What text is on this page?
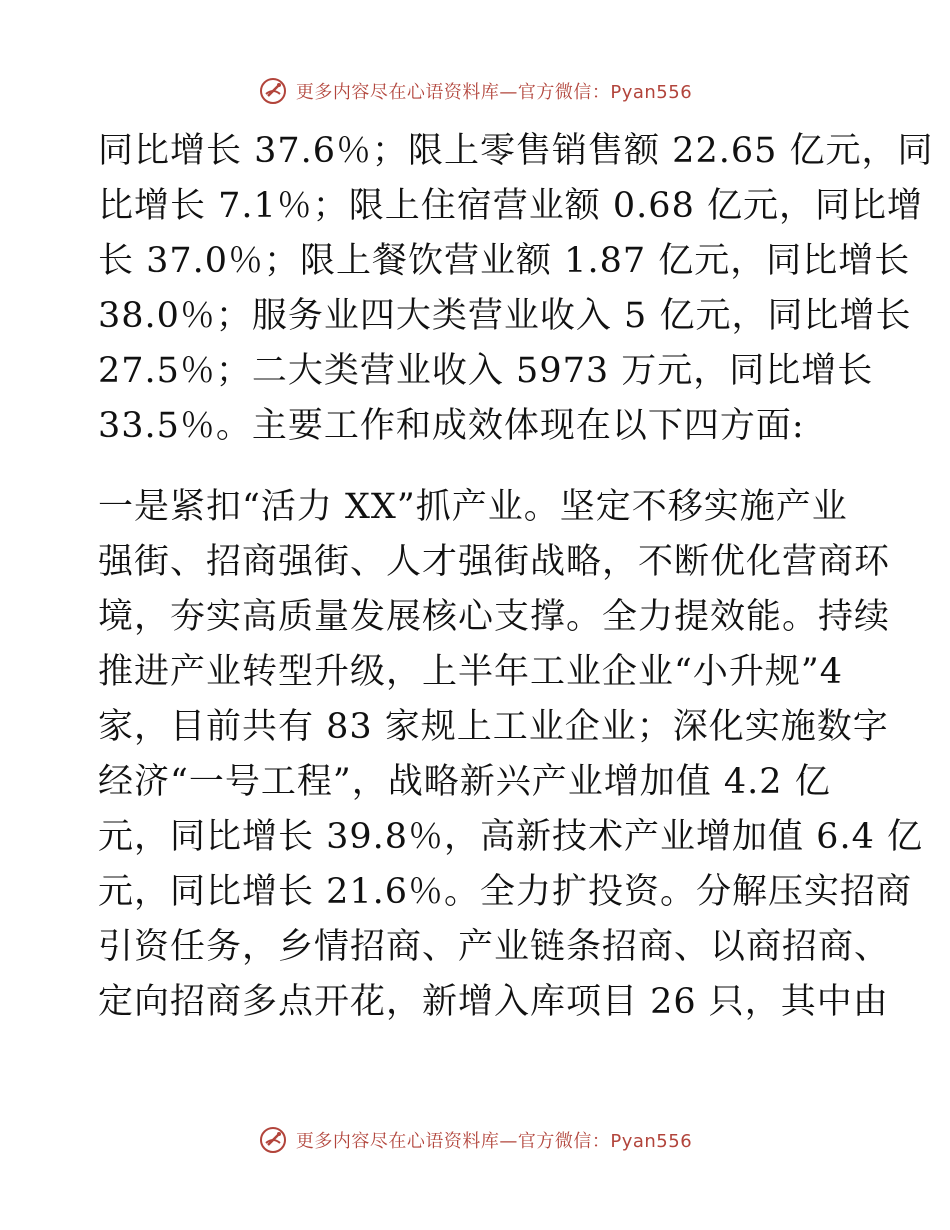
更多内容尽在心语资料库—官方微信：Pyan556
同比增长 37.6％；限上零售销售额 22.65 亿元，同
比增长 7.1％；限上住宿营业额 0.68 亿元，同比增
长 37.0％；限上餐饮营业额 1.87 亿元，同比增长
38.0％；服务业四大类营业收入 5 亿元，同比增长
27.5％；二大类营业收入 5973 万元，同比增长
33.5％。主要工作和成效体现在以下四方面:
一是紧扣“活力 XX”抓产业。坚定不移实施产业
强街、招商强街、人才强街战略，不断优化营商环
境，夯实高质量发展核心支撑。全力提效能。持续
推进产业转型升级，上半年工业企业“小升规”4
家，目前共有 83 家规上工业企业；深化实施数字
经济“一号工程”，战略新兴产业增加值 4.2 亿
元，同比增长 39.8％，高新技术产业增加值 6.4 亿
元，同比增长 21.6％。全力扩投资。分解压实招商
引资任务，乡情招商、产业链条招商、以商招商、
定向招商多点开花，新增入库项目 26 只，其中由
更多内容尽在心语资料库—官方微信：Pyan556
